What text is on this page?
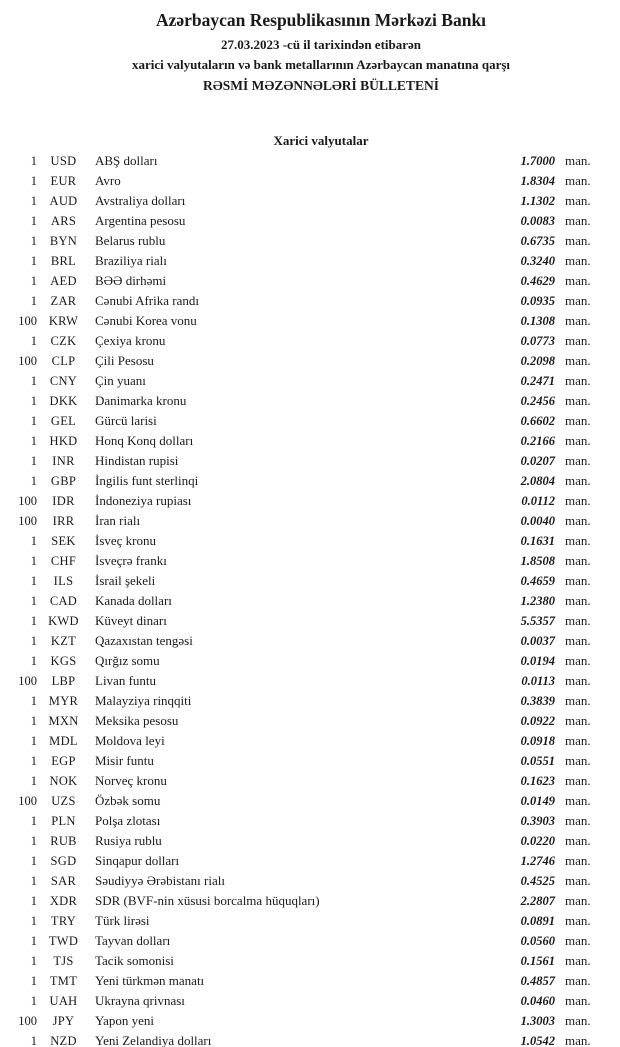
Azərbaycan Respublikasının Mərkəzi Bankı
27.03.2023 -cü il tarixindən etibarən
xarici valyutaların və bank metallarının Azərbaycan manatına qarşı
RƏSMİ MƏZƏNNƏLƏRİ BÜLLETENİ
Xarici valyutalar
1	USD	ABŞ dolları	1.7000 man.
1	EUR	Avro	1.8304 man.
1	AUD	Avstraliya dolları	1.1302 man.
1	ARS	Argentina pesosu	0.0083 man.
1	BYN	Belarus rublu	0.6735 man.
1	BRL	Braziliya rialı	0.3240 man.
1	AED	BƏƏ dirhəmi	0.4629 man.
1	ZAR	Cənubi Afrika randı	0.0935 man.
100 KRW	Cənubi Korea vonu	0.1308 man.
1	CZK	Çexiya kronu	0.0773 man.
100	CLP	Çili Pesosu	0.2098 man.
1	CNY	Çin yuanı	0.2471 man.
1	DKK	Danimarka kronu	0.2456 man.
1	GEL	Gürcü larisi	0.6602 man.
1	HKD	Honq Konq dolları	0.2166 man.
1	INR	Hindistan rupisi	0.0207 man.
1	GBP	İngilis funt sterlinqi	2.0804 man.
100	IDR	İndoneziya rupiası	0.0112 man.
100	IRR	İran rialı	0.0040 man.
1	SEK	İsveç kronu	0.1631 man.
1	CHF	İsveçrə frankı	1.8508 man.
1	ILS	İsrail şekeli	0.4659 man.
1	CAD	Kanada dolları	1.2380 man.
1 KWD	Küveyt dinarı	5.5357 man.
1	KZT	Qazaxıstan tengəsi	0.0037 man.
1	KGS	Qırğız somu	0.0194 man.
100	LBP	Livan funtu	0.0113 man.
1 MYR	Malayziya rinqqiti	0.3839 man.
1 MXN	Meksika pesosu	0.0922 man.
1 MDL	Moldova leyi	0.0918 man.
1	EGP	Misir funtu	0.0551 man.
1	NOK	Norveç kronu	0.1623 man.
100	UZS	Özbək somu	0.0149 man.
1	PLN	Polşa zlotası	0.3903 man.
1	RUB	Rusiya rublu	0.0220 man.
1	SGD	Sinqapur dolları	1.2746 man.
1	SAR	Səudiyyə Ərəbistanı rialı	0.4525 man.
1	XDR	SDR (BVF-nin xüsusi borcalma hüquqları)	2.2807 man.
1	TRY	Türk lirəsi	0.0891 man.
1 TWD	Tayvan dolları	0.0560 man.
1	TJS	Tacik somonisi	0.1561 man.
1	TMT	Yeni türkmən manatı	0.4857 man.
1	UAH	Ukrayna qrivnası	0.0460 man.
100	JPY	Yapon yeni	1.3003 man.
1	NZD	Yeni Zelandiya dolları	1.0542 man.
